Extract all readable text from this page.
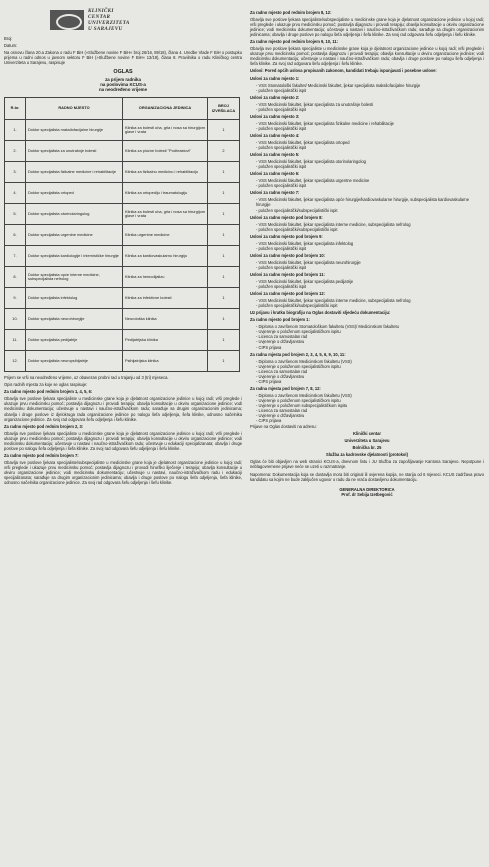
KLINIČKI
CENTAR
UNIVERZITETA
U SARAJEVU

Broj:

Datum:

Na osnovu člana 20.a Zakona o radu F BiH (»Službene novine F BiH« broj 26/16, 89/18), člana 4. Uredbe Vlade F BiH o postupku prijema u radni odnos u javnom sektoru F BiH (»Službene novine F BiH« 13/19), člana 8. Pravilnika o radu Kliničkog centra Univerziteta u Sarajevu, raspisuje

OGLAS
za prijem radnika
na poslovima KCUS-a
na neodređeno vrijeme
R.br.	RADNO MJESTO	ORGANIZACIONA JEDINICA	BROJ IZVRŠILACA
1.	Doktor specijalista maksilofacijalne hirurgije	Klinika za bolesti uha, grla i nosa sa hirurgijom glave i vrata	1
2.	Doktor specijalista za unutrašnje bolesti	Klinika za plućne bolesti "Podhrastovi"	2
3.	Doktor specijalista fizikalne medicine i rehabilitacije	Klinika za fizikalnu medicinu i rehabilitaciju	1
4.	Doktor specijalista ortoped	Klinika za ortopediju i traumatologiju	1
5.	Doktor specijalista otorinolaringolog	Klinika za bolesti uha, grla i nosa sa hirurgijom glave i vrata	1
6.	Doktor specijalista urgentne medicine	Klinika urgentne medicine	1
7.	Doktor specijalista kardiologije i internističke hirurgije	Klinika za kardiovaskularnu hirurgiju	1
8.	Doktor specijalista opće interne medicine, subspecijalista nefrolog	Klinika za hemodijalizu	1
9.	Doktor specijalista infektolog	Klinika za infektivne bolesti	1
10.	Doktor specijalista neurohirurgije	Neurološka klinika	1
11.	Doktor specijalista pedijatrije	Pedijatrijska klinika	1
12.	Doktor specijalista neuropsihijatrije	Psihijatrijska klinika	1

Prijem se vrši na neodređeno vrijeme, uz obavezan probni rad u trajanju od 3 (tri) mjeseca.

Opis radnih mjesta za koje se oglas raspisuje:

Za radno mjesto pod rednim brojem 1, 4, 5, 6:

Obavlja sve poslove ljekara specijaliste u medicinske grane koja je djelatnost organizacione jedinice u kojoj radi; vrši preglede i ukazuje prvu medicinsku pomoć; postavlja dijagnozu i provodi terapiju; obavlja konsultacije u okviru organizacione jedinice; vodi medicinsku dokumentaciju; učestvuje u nastavi i naučno-istraživačkom radu; sarađuje sa drugim organizacionim jedinicama; obavlja i druge poslove iz djelokruga rada organizacione jedinice po nalogu šefa odjeljenja, šefa klinike, odnosno načelnika organizacione jedinice. Za svoj rad odgovara šefu odjeljenja i šefu klinike.

Za radno mjesto pod rednim brojem 2, 3:

Obavlja sve poslove ljekara specijaliste u medicinske grane koja je djelatnost organizacione jedinice u kojoj radi; vrši preglede i ukazuje prvu medicinsku pomoć; postavlja dijagnozu i provodi terapiju; obavlja konsultacije u okviru organizacione jedinice; vodi medicinsku dokumentaciju; učestvuje u nastavi i naučno-istraživačkom radu; učestvuje u edukaciji specijalizanata; obavlja i druge poslove po nalogu šefa odjeljenja i šefa klinike. Za svoj rad odgovara šefu odjeljenja i šefu klinike.

Za radno mjesto pod rednim brojem 7:

Obavlja sve poslove ljekara specijaliste/subspecijaliste u medicinske grane koja je djelatnost organizacione jedinice u kojoj radi; vrši preglede i ukazuje prvu medicinsku pomoć; postavlja dijagnozu i provodi hirurško liječenje i terapiju; obavlja konsultacije u okviru organizacione jedinice; vodi medicinsku dokumentaciju; učestvuje u nastavi, naučno-istraživačkom radu i edukaciji specijalizanata; sarađuje sa drugim organizacionim jedinicama; obavlja i druge poslove po nalogu šefa odjeljenja, šefa klinike, odnosno načelnika organizacione jedinice. Za svoj rad odgovara šefu odjeljenja i šefu klinike.

Za radno mjesto pod rednim brojem 8, 12:

Obavlja sve poslove ljekara specijaliste/subspecijaliste u medicinske grane koja je djelatnost organizacione jedinice u kojoj radi; vrši preglede i ukazuje prvu medicinsku pomoć; postavlja dijagnozu i provodi terapiju; obavlja konsultacije u okviru organizacione jedinice; vodi medicinsku dokumentaciju; učestvuje u nastavi i naučno-istraživačkom radu; sarađuje sa drugim organizacionim jedinicama; obavlja i druge poslove po nalogu šefa odjeljenja i šefa klinike. Za svoj rad odgovara šefu odjeljenja i šefu klinike.

Za radno mjesto pod rednim brojem 9, 10, 11:

Obavlja sve poslove ljekara specijaliste u medicinske grane koja je djelatnost organizacione jedinice u kojoj radi; vrši preglede i ukazuje prvu medicinsku pomoć; postavlja dijagnozu i provodi terapiju; obavlja konsultacije u okviru organizacione jedinice; vodi medicinsku dokumentaciju; učestvuje u nastavi i naučno-istraživačkom radu; obavlja i druge poslove po nalogu šefa odjeljenja i šefa klinike. Za svoj rad odgovara šefu odjeljenja i šefu klinike.

Uslovi: Pored općih uslova propisanih zakonom, kandidati trebaju ispunjavati i posebne uslove:

Uslovi za radno mjesto 1:

- VSS Stomatološki fakultet/ Medicinski fakultet, ljekar specijalista maksilofacijalne hirurgije
- položen specijalistički ispit

Uslovi za radno mjesto 2:

- VSS Medicinski fakultet, ljekar specijalista za unutrašnje bolesti
- položen specijalistički ispit

Uslovi za radno mjesto 3:

- VSS Medicinski fakultet, ljekar specijalista fizikalne medicine i rehabilitacije
- položen specijalistički ispit

Uslovi za radno mjesto 4:

- VSS Medicinski fakultet, ljekar specijalista ortoped
- položen specijalistički ispit

Uslovi za radno mjesto 5:

- VSS Medicinski fakultet, ljekar specijalista otorinolaringolog
- položen specijalistički ispit

Uslovi za radno mjesto 6:

- VSS Medicinski fakultet, ljekar specijalista urgentne medicine
- položen specijalistički ispit

Uslovi za radno mjesto 7:

- VSS Medicinski fakultet, ljekar specijalista opće hirurgije/kardiovaskularne hirurgije, subspecijalista kardiovaskularne hirurgije
- položen specijalistički/subspecijalistički ispit

Uslovi za radno mjesto pod brojem 8:

- VSS Medicinski fakultet, ljekar specijalista interne medicine, subspecijalista nefrolog
- položen specijalistički/subspecijalistički ispit

Uslovi za radno mjesto pod brojem 9:

- VSS Medicinski fakultet, ljekar specijalista infektolog
- položen specijalistički ispit

Uslovi za radno mjesto pod brojem 10:

- VSS Medicinski fakultet, ljekar specijalista neurohirurgije
- položen specijalistički ispit

Uslovi za radno mjesto pod brojem 11:

- VSS Medicinski fakultet, ljekar specijalista pedijatrije
- položen specijalistički ispit

Uslovi za radno mjesto pod brojem 12:

- VSS Medicinski fakultet, ljekar specijalista interne medicine, subspecijalista nefrolog
- položen specijalistički/subspecijalistički ispit

Uz prijavu i kratku biografiju na Oglas dostaviti sljedeću dokumentaciju:

Za radno mjesto pod brojem 1:

- Diploma o završenom Stomatološkom fakultetu (VSS)/ Medicinskom fakultetu
- Uvjerenje o položenom specijalističkom ispitu
- Licenca za samostalan rad
- Uvjerenje o državljanstvu
- CIPS prijava

Za radna mjesta pod brojem 2, 3, 4, 5, 6, 9, 10, 11:

- Diploma o završenom Medicinskom fakultetu (VSS)
- Uvjerenje o položenom specijalističkom ispitu
- Licenca za samostalan rad
- Uvjerenje o državljanstvu
- CIPS prijava

Za radna mjesta pod brojem 7, 8, 12:

- Diploma o završenom Medicinskom fakultetu (VSS)
- Uvjerenje o položenom specijalističkom ispitu
- Uvjerenje o položenom subspecijalističkom ispitu
- Licenca za samostalan rad
- Uvjerenje o državljanstvu
- CIPS prijava

Prijave na Oglas dostaviti na adresu:

Klinički centar

Univerziteta u Sarajevu

Bolnička br. 25

Služba za kadrovske djelatnosti (protokol)

Oglas će biti objavljen na web stranici KCUS-a, dnevnom listu i JU Služba za zapošljavanje Kantona Sarajevo. Nepotpune i neblagovremene prijave neće se uzeti u razmatranje.

Napomena: Dokumentacija koja se dostavlja mora biti original ili ovjerena kopija, ne starija od 6 mjeseci. KCUS zadržava pravo kandidatu sa kojim ne bude zaključen ugovor o radu da ne vraća dostavljenu dokumentaciju.

GENERALNA DIREKTORICA
Prof. dr Sebija Izetbegović
